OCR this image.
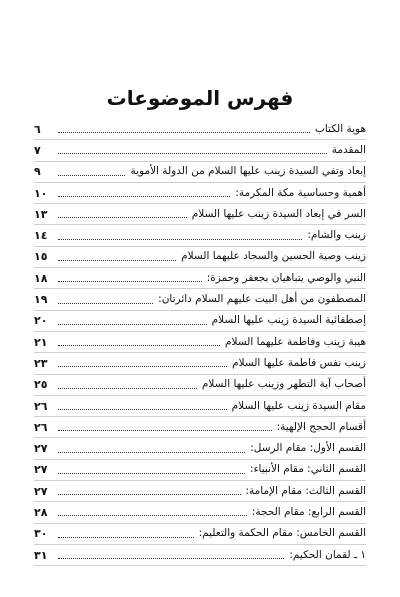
فهرس الموضوعات
هوية الكتاب
٦
المقدمة
٧
إبعاد وتفي السيدة زينب عليها السلام من الدولة الأموية
٩
أهمية وحساسية مكة المكرمة:
١٠
السر في إبعاد السيدة زينب عليها السلام
١٣
زينب والشام:
١٤
زينب وصية الحسين والسجاد عليهما السلام
١٥
النبي والوصي يتباهيان بجعفر وحمزة:
١٨
المصطفون من أهل البيت عليهم السلام دائرتان:
١٩
إصطفائية السيدة زينب عليها السلام
٢٠
هيبة زينب وفاطمة عليهما السلام
٢١
زينب نفس فاطمة عليها السلام
٢٣
أصحاب آية التطهر وزينب عليها السلام
٢٥
مقام السيدة زينب عليها السلام
٢٦
أقسام الحجج الإلهية:
٢٦
القسم الأول: مقام الرسل:
٢٧
القسم الثاني: مقام الأنبياء:
٢٧
القسم الثالث: مقام الإمامة:
٢٧
القسم الرابع: مقام الحجة:
٢٨
القسم الخامس: مقام الحكمة والتعليم:
٣٠
١ ـ لقمان الحكيم:
٣١
